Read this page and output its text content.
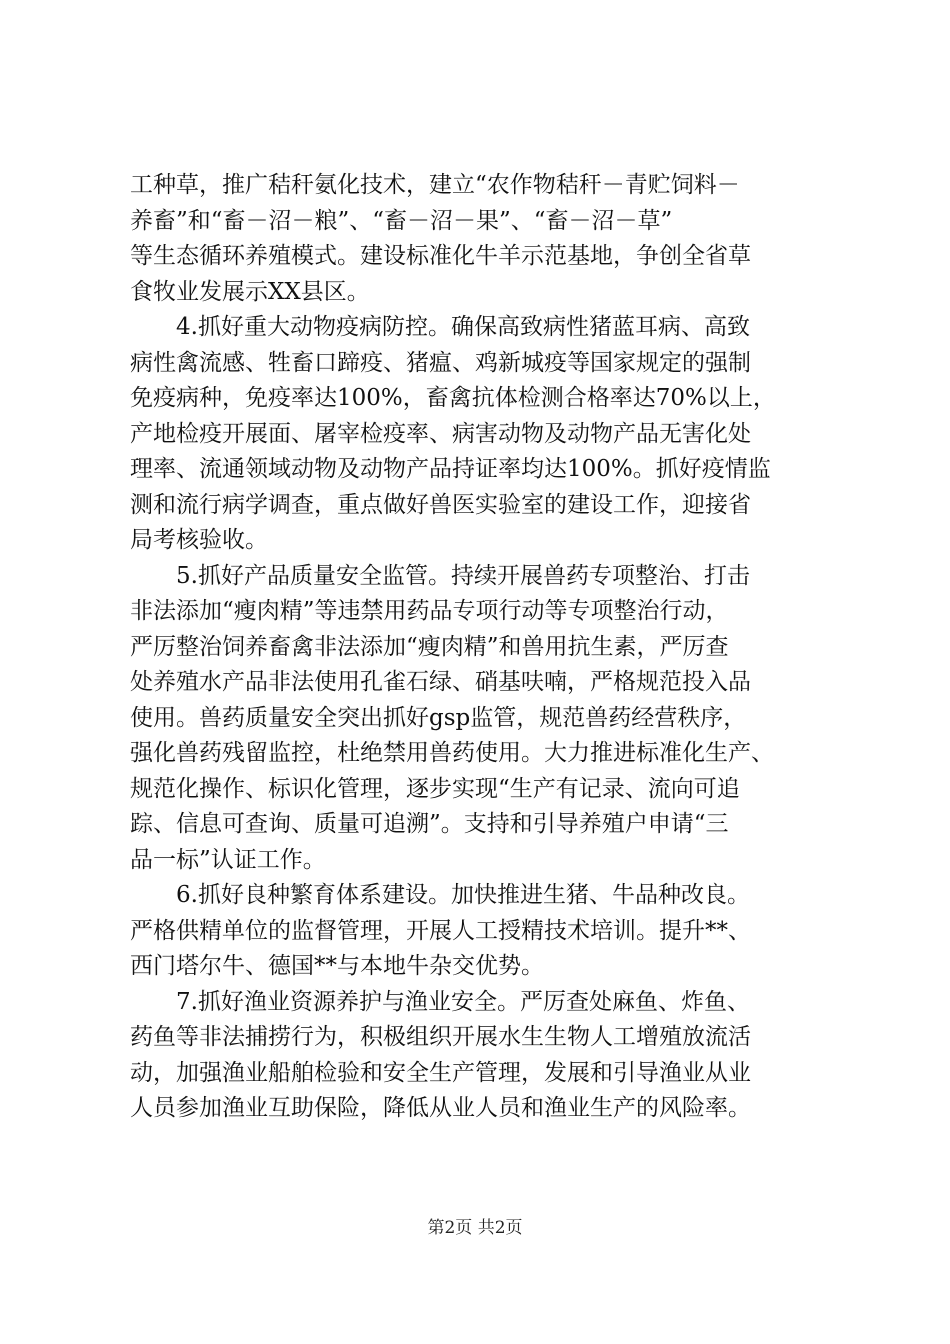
工种草，推广秸秆氨化技术，建立“农作物秸秆－青贮饲料－
养畜”和“畜－沼－粮”、“畜－沼－果”、“畜－沼－草”
等生态循环养殖模式。建设标准化牛羊示范基地，争创全省草
食牧业发展示XX县区。
4.抓好重大动物疫病防控。确保高致病性猪蓝耳病、高致
病性禽流感、牲畜口蹄疫、猪瘟、鸡新城疫等国家规定的强制
免疫病种，免疫率达100%，畜禽抗体检测合格率达70%以上，
产地检疫开展面、屠宰检疫率、病害动物及动物产品无害化处
理率、流通领域动物及动物产品持证率均达100%。抓好疫情监
测和流行病学调查，重点做好兽医实验室的建设工作，迎接省
局考核验收。
5.抓好产品质量安全监管。持续开展兽药专项整治、打击
非法添加“瘦肉精”等违禁用药品专项行动等专项整治行动，
严厉整治饲养畜禽非法添加“瘦肉精”和兽用抗生素，严厉查
处养殖水产品非法使用孔雀石绿、硝基呋喃，严格规范投入品
使用。兽药质量安全突出抓好gsp监管，规范兽药经营秩序，
强化兽药残留监控，杜绝禁用兽药使用。大力推进标准化生产、
规范化操作、标识化管理，逐步实现“生产有记录、流向可追
踪、信息可查询、质量可追溯”。支持和引导养殖户申请“三
品一标”认证工作。
6.抓好良种繁育体系建设。加快推进生猪、牛品种改良。
严格供精单位的监督管理，开展人工授精技术培训。提升**、
西门塔尔牛、德国**与本地牛杂交优势。
7.抓好渔业资源养护与渔业安全。严厉查处麻鱼、炸鱼、
药鱼等非法捕捞行为，积极组织开展水生生物人工增殖放流活
动，加强渔业船舶检验和安全生产管理，发展和引导渔业从业
人员参加渔业互助保险，降低从业人员和渔业生产的风险率。
第2页 共2页
